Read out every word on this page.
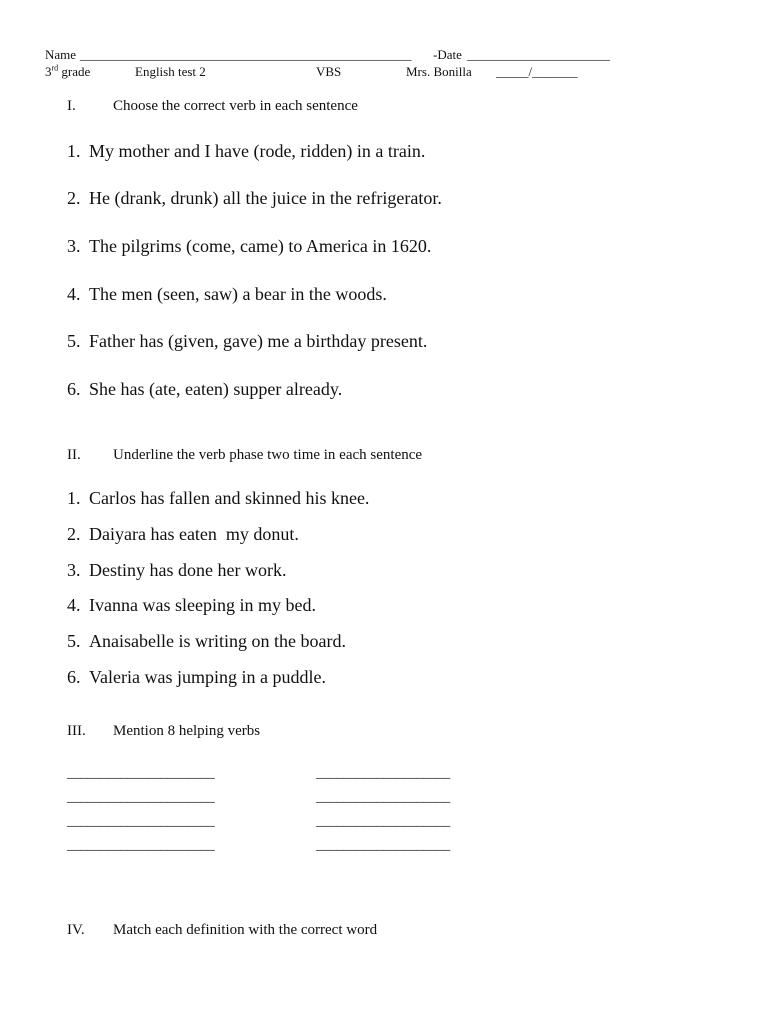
Name ___________________________________________________ -Date ______________________
3rd grade	English test 2	VBS	Mrs. Bonilla _____/_______
I. Choose the correct verb in each sentence
1. My mother and I have (rode, ridden) in a train.
2. He (drank, drunk) all the juice in the refrigerator.
3. The pilgrims (come, came) to America in 1620.
4. The men (seen, saw) a bear in the woods.
5. Father has (given, gave) me a birthday present.
6. She has (ate, eaten) supper already.
II. Underline the verb phase two time in each sentence
1. Carlos has fallen and skinned his knee.
2. Daiyara has eaten  my donut.
3. Destiny has done her work.
4. Ivanna was sleeping in my bed.
5. Anaisabelle is writing on the board.
6. Valeria was jumping in a puddle.
III. Mention 8 helping verbs
______________________
______________________
______________________
______________________
____________________
____________________
____________________
____________________
IV. Match each definition with the correct word
